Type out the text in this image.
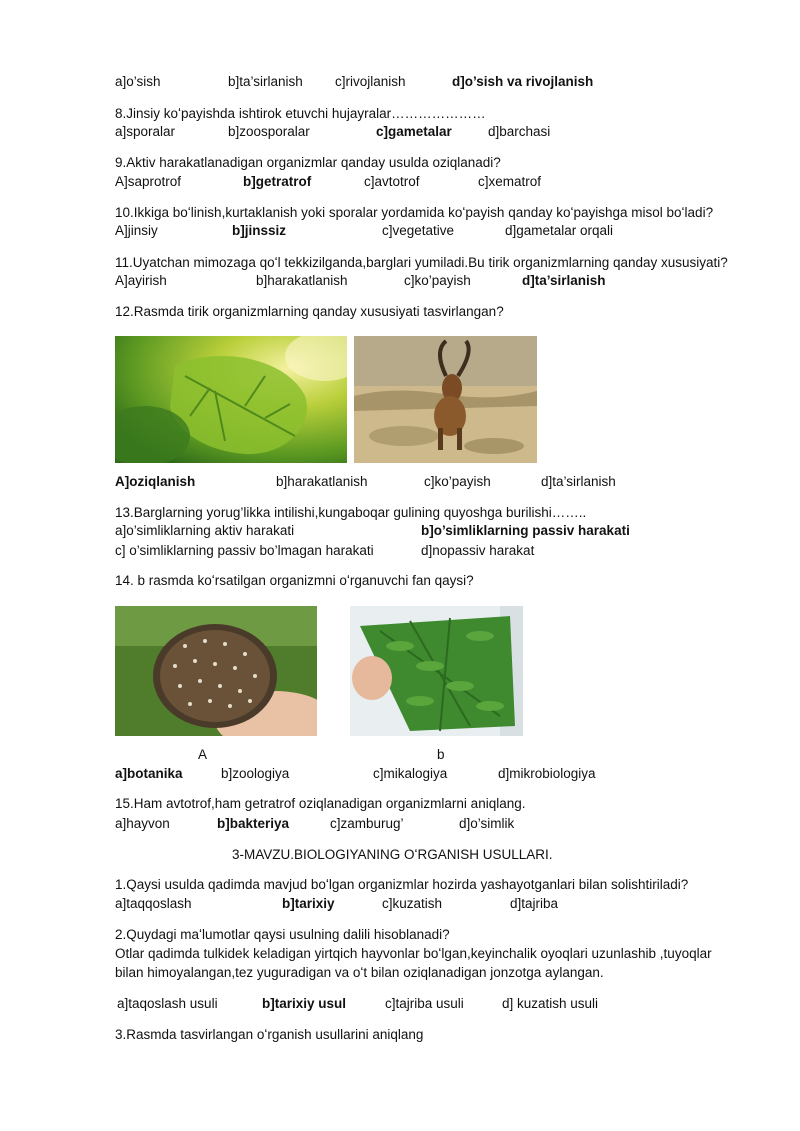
a]o’sish	b]ta’sirlanish c]rivojlanish	d]o’sish va rivojlanish
8.Jinsiy koʻpayishda ishtirok etuvchi hujayralar…………………
a]sporalar	b]zoosporalar	c]gametalar	d]barchasi
9.Aktiv harakatlanadigan organizmlar qanday usulda oziqlanadi?
A]saprotrof	b]getratrof	c]avtotrof	c]xematrof
10.Ikkiga boʻlinish,kurtaklanish yoki sporalar yordamida koʻpayish qanday koʻpayishga misol boʻladi?
A]jinsiy	b]jinssiz	c]vegetative	d]gametalar orqali
11.Uyatchan mimozaga qoʻl tekkizilganda,barglari yumiladi.Bu tirik organizmlarning qanday xususiyati?
A]ayirish	b]harakatlanish	c]ko’payish	d]ta’sirlanish
12.Rasmda tirik organizmlarning qanday xususiyati tasvirlangan?
A]oziqlanish	b]harakatlanish	c]ko’payish	d]ta’sirlanish
13.Barglarning yorug’likka intilishi,kungaboqar gulining quyoshga burilishi……..
a]o’simliklarning aktiv harakati	b]o’simliklarning passiv harakati
c] o’simliklarning passiv bo’lmagan harakati	d]nopassiv harakat
14. b rasmda koʻrsatilgan organizmni oʻrganuvchi fan qaysi?
A	b
a]botanika	b]zoologiya	c]mikalogiya	d]mikrobiologiya
15.Ham avtotrof,ham getratrof oziqlanadigan organizmlarni aniqlang.
a]hayvon	b]bakteriya	c]zamburug’	d]o’simlik
3-MAVZU.BIOLOGIYANING OʻRGANISH USULLARI.
1.Qaysi usulda qadimda mavjud boʻlgan organizmlar hozirda yashayotganlari bilan solishtiriladi?
a]taqqoslash	b]tarixiy	c]kuzatish	d]tajriba
2.Quydagi maʻlumotlar qaysi usulning dalili hisoblanadi?
Otlar qadimda tulkidek keladigan yirtqich hayvonlar boʻlgan,keyinchalik oyoqlari uzunlashib ,tuyoqlar
bilan himoyalangan,tez yuguradigan va oʻt bilan oziqlanadigan jonzotga aylangan.
a]taqoslash usuli	b]tarixiy usul	c]tajriba usuli	d] kuzatish usuli
3.Rasmda tasvirlangan oʻrganish usullarini aniqlang
